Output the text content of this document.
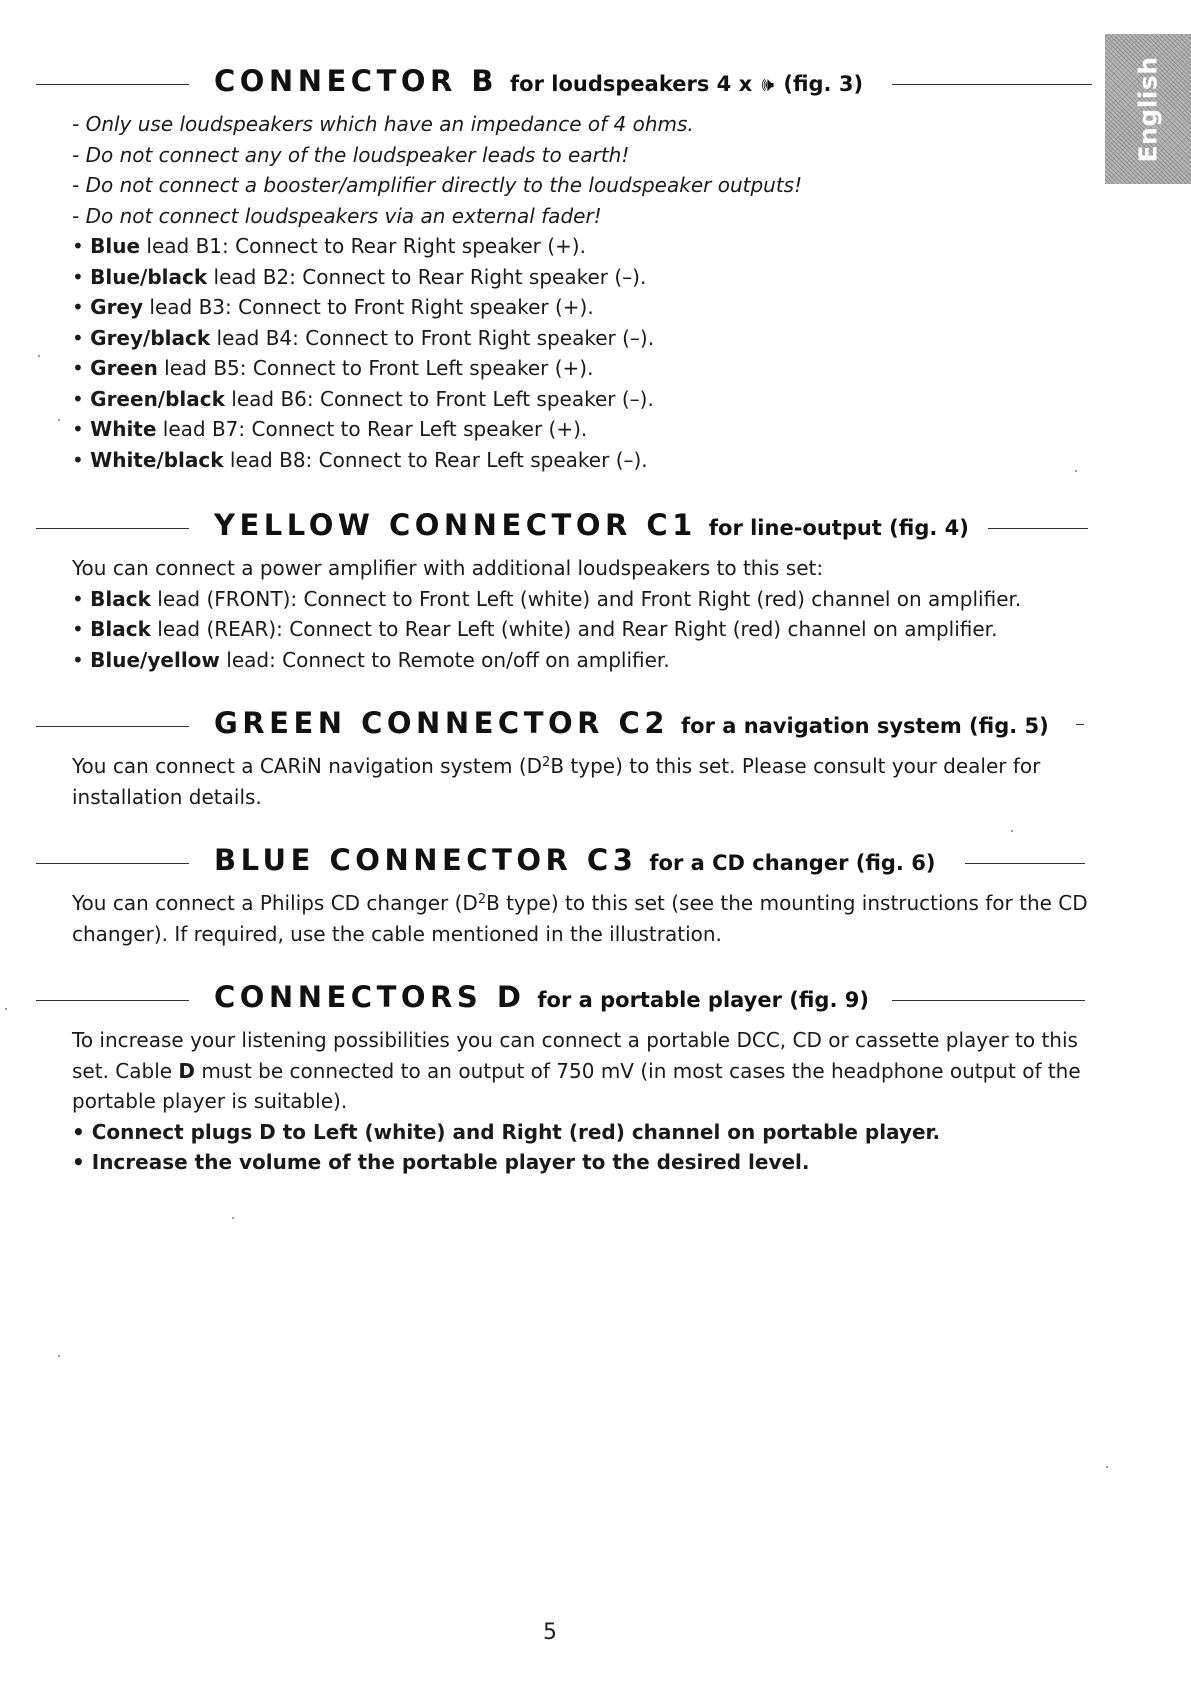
English
CONNECTOR B for loudspeakers 4 x 🕪 (fig. 3)
- Only use loudspeakers which have an impedance of 4 ohms.
- Do not connect any of the loudspeaker leads to earth!
- Do not connect a booster/amplifier directly to the loudspeaker outputs!
- Do not connect loudspeakers via an external fader!
• Blue lead B1: Connect to Rear Right speaker (+).
• Blue/black lead B2: Connect to Rear Right speaker (–).
• Grey lead B3: Connect to Front Right speaker (+).
• Grey/black lead B4: Connect to Front Right speaker (–).
• Green lead B5: Connect to Front Left speaker (+).
• Green/black lead B6: Connect to Front Left speaker (–).
• White lead B7: Connect to Rear Left speaker (+).
• White/black lead B8: Connect to Rear Left speaker (–).
YELLOW CONNECTOR C1 for line-output (fig. 4)
You can connect a power amplifier with additional loudspeakers to this set:
• Black lead (FRONT): Connect to Front Left (white) and Front Right (red) channel on amplifier.
• Black lead (REAR): Connect to Rear Left (white) and Rear Right (red) channel on amplifier.
• Blue/yellow lead: Connect to Remote on/off on amplifier.
GREEN CONNECTOR C2 for a navigation system (fig. 5)
You can connect a CARiN navigation system ($D^2B$ type) to this set. Please consult your dealer for installation details.
BLUE CONNECTOR C3 for a CD changer (fig. 6)
You can connect a Philips CD changer ($D^2B$ type) to this set (see the mounting instructions for the CD changer). If required, use the cable mentioned in the illustration.
CONNECTORS D for a portable player (fig. 9)
To increase your listening possibilities you can connect a portable DCC, CD or cassette player to this set. Cable D must be connected to an output of 750 mV (in most cases the headphone output of the portable player is suitable).
• Connect plugs D to Left (white) and Right (red) channel on portable player.
• Increase the volume of the portable player to the desired level.
5
